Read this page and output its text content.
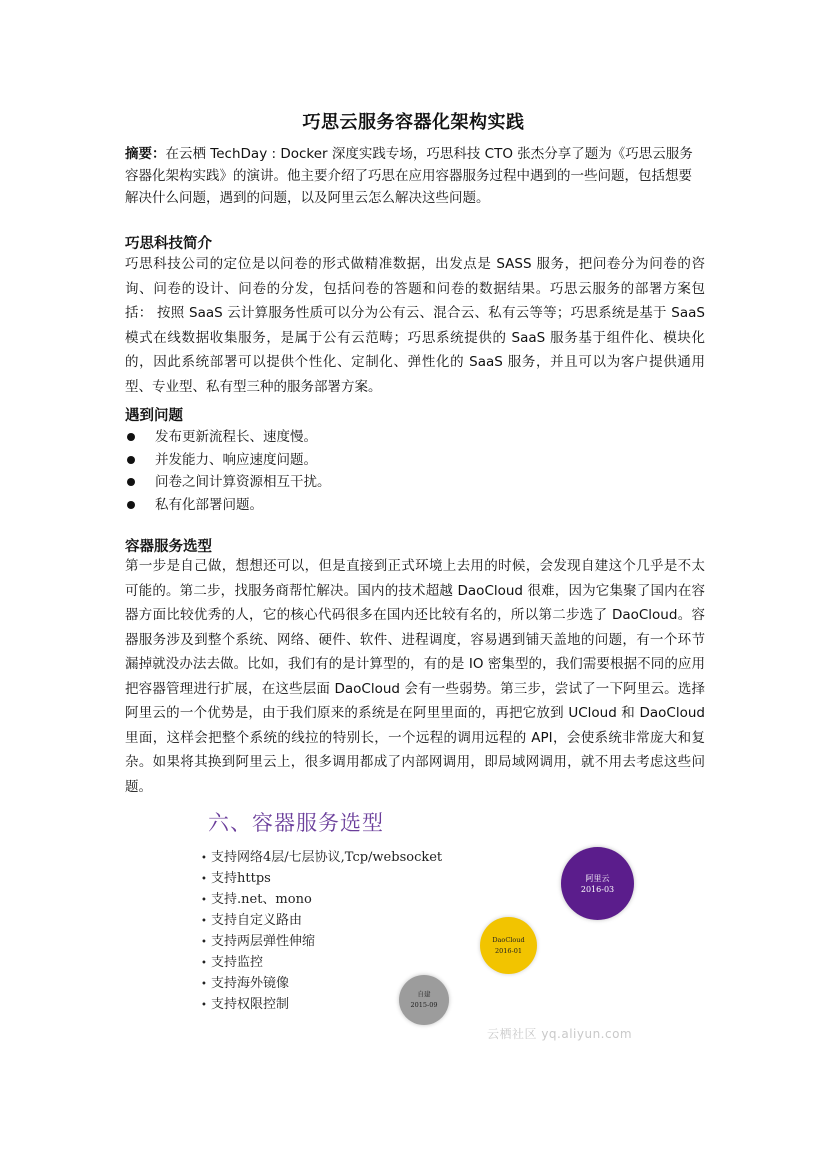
巧思云服务容器化架构实践

摘要：在云栖 TechDay : Docker 深度实践专场，巧思科技 CTO 张杰分享了题为《巧思云服务容器化架构实践》的演讲。他主要介绍了巧思在应用容器服务过程中遇到的一些问题，包括想要解决什么问题，遇到的问题，以及阿里云怎么解决这些问题。

巧思科技简介

巧思科技公司的定位是以问卷的形式做精准数据，出发点是 SASS 服务，把问卷分为问卷的咨询、问卷的设计、问卷的分发，包括问卷的答题和问卷的数据结果。巧思云服务的部署方案包括： 按照 SaaS 云计算服务性质可以分为公有云、混合云、私有云等等；巧思系统是基于 SaaS 模式在线数据收集服务，是属于公有云范畴；巧思系统提供的 SaaS 服务基于组件化、模块化的，因此系统部署可以提供个性化、定制化、弹性化的 SaaS 服务，并且可以为客户提供通用型、专业型、私有型三种的服务部署方案。

遇到问题

发布更新流程长、速度慢。
并发能力、响应速度问题。
问卷之间计算资源相互干扰。
私有化部署问题。

容器服务选型

第一步是自己做，想想还可以，但是直接到正式环境上去用的时候，会发现自建这个几乎是不太可能的。第二步，找服务商帮忙解决。国内的技术超越 DaoCloud 很难，因为它集聚了国内在容器方面比较优秀的人，它的核心代码很多在国内还比较有名的，所以第二步选了 DaoCloud。容器服务涉及到整个系统、网络、硬件、软件、进程调度，容易遇到铺天盖地的问题，有一个环节漏掉就没办法去做。比如，我们有的是计算型的，有的是 IO 密集型的，我们需要根据不同的应用把容器管理进行扩展，在这些层面 DaoCloud 会有一些弱势。第三步，尝试了一下阿里云。选择阿里云的一个优势是，由于我们原来的系统是在阿里里面的，再把它放到 UCloud 和 DaoCloud 里面，这样会把整个系统的线拉的特别长，一个远程的调用远程的 API，会使系统非常庞大和复杂。如果将其换到阿里云上，很多调用都成了内部网调用，即局域网调用，就不用去考虑这些问题。

六、容器服务选型
• 支持网络4层/七层协议,Tcp/websocket
• 支持https
• 支持.net、mono
• 支持自定义路由
• 支持两层弹性伸缩
• 支持监控
• 支持海外镜像
• 支持权限控制
阿里云
2016-03
DaoCloud
2016-01
自建
2015-09
云栖社区 yq.aliyun.com
